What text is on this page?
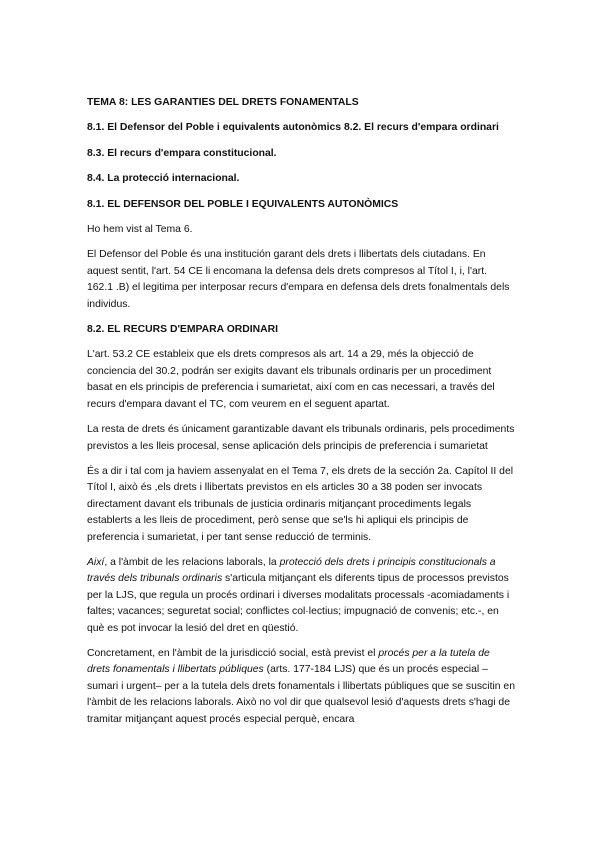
TEMA 8: LES GARANTIES DEL DRETS FONAMENTALS
8.1. El Defensor del Poble i equivalents autonòmics 8.2. El recurs d'empara ordinari
8.3. El recurs d'empara constitucional.
8.4. La protecció internacional.
8.1. EL DEFENSOR DEL POBLE I EQUIVALENTS AUTONÒMICS
Ho hem vist al Tema 6.
El Defensor del Poble és una institución garant dels drets i llibertats dels ciutadans. En aquest sentit, l'art. 54 CE li encomana la defensa dels drets compresos al Títol I, i, l'art. 162.1 .B) el legitima per interposar recurs d'empara en defensa dels drets fonalmentals dels individus.
8.2. EL RECURS D'EMPARA ORDINARI
L'art. 53.2 CE estableix que els drets compresos als art. 14 a 29, més la objecció de conciencia del 30.2, podrán ser exigits davant els tribunals ordinaris per un procediment basat en els principis de preferencia i sumarietat, així com en cas necessari, a través del recurs d'empara davant el TC, com veurem en el seguent apartat.
La resta de drets és únicament garantizable davant els tribunals ordinaris, pels procediments previstos a les lleis procesal, sense aplicación dels principis de preferencia i sumarietat
És a dir i tal com ja haviem assenyalat en el Tema 7, els drets de la sección 2a. Capítol II del Títol I, això és ,els drets i llibertats previstos en els articles 30 a 38 poden ser invocats directament davant els tribunals de justicia ordinaris mitjançant procediments legals establerts a les lleis de procediment, però sense que se'ls hi apliqui els principis de preferencia i sumarietat, i per tant sense reducció de terminis.
Així, a l'àmbit de les relacions laborals, la protecció dels drets i principis constitucionals a través dels tribunals ordinaris s'articula mitjançant els diferents tipus de processos previstos per la LJS, que regula un procés ordinari i diverses modalitats processals -acomiadaments i faltes; vacances; seguretat social; conflictes col·lectius; impugnació de convenis; etc.-, en què es pot invocar la lesió del dret en qüestió.
Concretament, en l'àmbit de la jurisdicció social, està previst el procés per a la tutela de drets fonamentals i llibertats públiques (arts. 177-184 LJS) que és un procés especial –sumari i urgent– per a la tutela dels drets fonamentals i llibertats públiques que se suscitin en l'àmbit de les relacions laborals. Això no vol dir que qualsevol lesió d'aquests drets s'hagi de tramitar mitjançant aquest procés especial perquè, encara
